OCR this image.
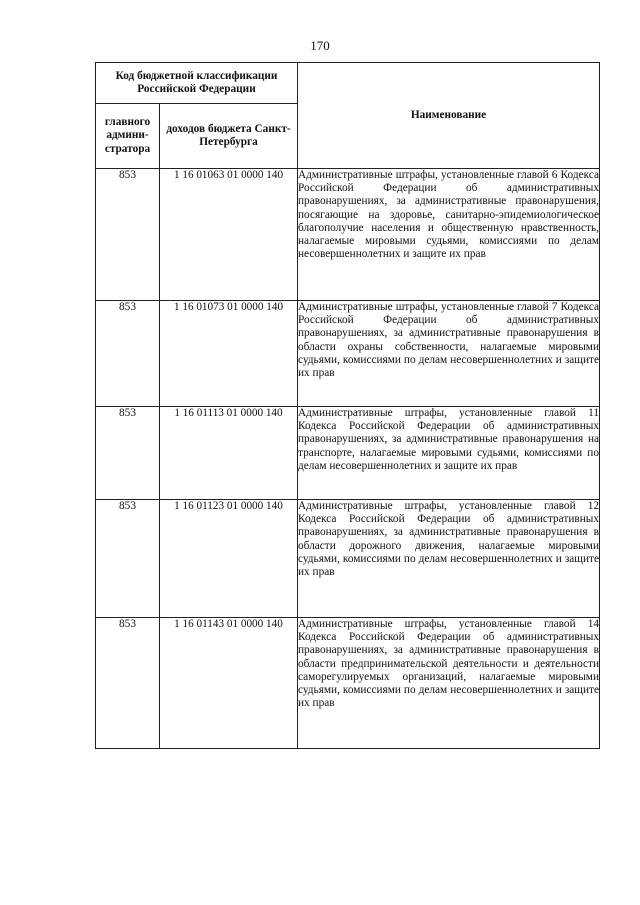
170
Код бюджетной классификации Российской Федерации		Наименование
главного админи-стратора	доходов бюджета Санкт-Петербурга	
853	1 16 01063 01 0000 140	Административные штрафы, установленные главой 6 Кодекса Российской Федерации об административных правонарушениях, за административные правонарушения, посягающие на здоровье, санитарно-эпидемиологическое благополучие населения и общественную нравственность, налагаемые мировыми судьями, комиссиями по делам несовершеннолетних и защите их прав
853	1 16 01073 01 0000 140	Административные штрафы, установленные главой 7 Кодекса Российской Федерации об административных правонарушениях, за административные правонарушения в области охраны собственности, налагаемые мировыми судьями, комиссиями по делам несовершеннолетних и защите их прав
853	1 16 01113 01 0000 140	Административные штрафы, установленные главой 11 Кодекса Российской Федерации об административных правонарушениях, за административные правонарушения на транспорте, налагаемые мировыми судьями, комиссиями по делам несовершеннолетних и защите их прав
853	1 16 01123 01 0000 140	Административные штрафы, установленные главой 12 Кодекса Российской Федерации об административных правонарушениях, за административные правонарушения в области дорожного движения, налагаемые мировыми судьями, комиссиями по делам несовершеннолетних и защите их прав
853	1 16 01143 01 0000 140	Административные штрафы, установленные главой 14 Кодекса Российской Федерации об административных правонарушениях, за административные правонарушения в области предпринимательской деятельности и деятельности саморегулируемых организаций, налагаемые мировыми судьями, комиссиями по делам несовершеннолетних и защите их прав
